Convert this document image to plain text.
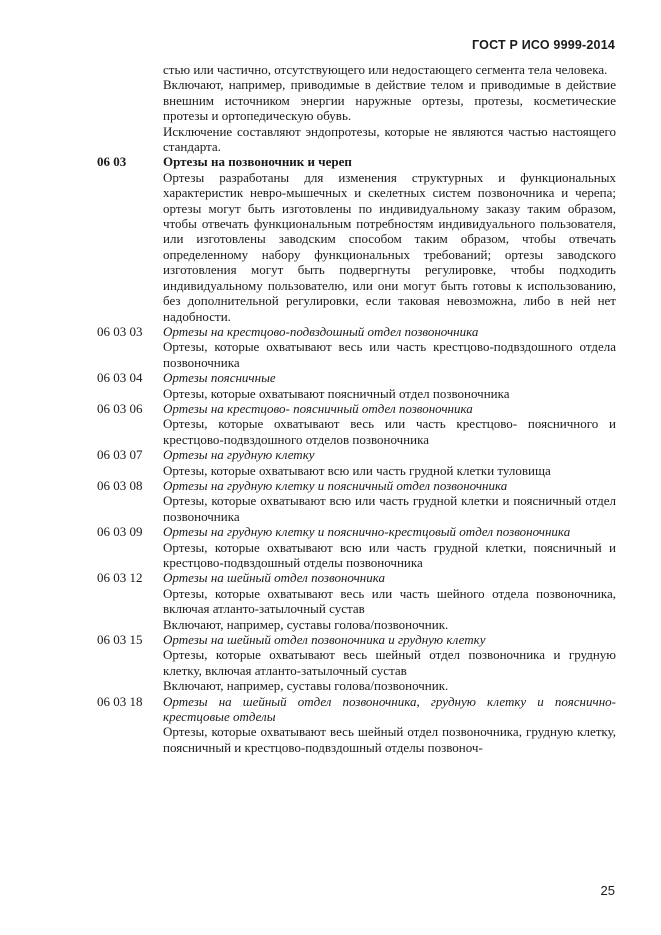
ГОСТ Р ИСО 9999-2014
стью или частично, отсутствующего или недостающего сегмента тела человека.
Включают, например, приводимые в действие телом и приводимые в действие внешним источником энергии наружные ортезы, протезы, косметические протезы и ортопедическую обувь.
Исключение составляют эндопротезы, которые не являются частью настоящего стандарта.
06 03	Ортезы на позвоночник и череп
Ортезы разработаны для изменения структурных и функциональных характеристик невро-мышечных и скелетных систем позвоночника и черепа; ортезы могут быть изготовлены по индивидуальному заказу таким образом, чтобы отвечать функциональным потребностям индивидуального пользователя, или изготовлены заводским способом таким образом, чтобы отвечать определенному набору функциональных требований; ортезы заводского изготовления могут быть подвергнуты регулировке, чтобы подходить индивидуальному пользователю, или они могут быть готовы к использованию, без дополнительной регулировки, если таковая невозможна, либо в ней нет надобности.
06 03 03	Ортезы на крестцово-подвздошный отдел позвоночника
Ортезы, которые охватывают весь или часть крестцово-подвздошного отдела позвоночника
06 03 04	Ортезы поясничные
Ортезы, которые охватывают поясничный отдел позвоночника
06 03 06	Ортезы на крестцово- поясничный отдел позвоночника
Ортезы, которые охватывают весь или часть крестцово- поясничного и крестцово-подвздошного отделов позвоночника
06 03 07	Ортезы на грудную клетку
Ортезы, которые охватывают всю или часть грудной клетки туловища
06 03 08	Ортезы на грудную клетку и поясничный отдел позвоночника
Ортезы, которые охватывают всю или часть грудной клетки и поясничный отдел позвоночника
06 03 09	Ортезы на грудную клетку и пояснично-крестцовый отдел позвоночника
Ортезы, которые охватывают всю или часть грудной клетки, поясничный и крестцово-подвздошный отделы позвоночника
06 03 12	Ортезы на шейный отдел позвоночника
Ортезы, которые охватывают весь или часть шейного отдела позвоночника, включая атланто-затылочный сустав
Включают, например, суставы голова/позвоночник.
06 03 15	Ортезы на шейный отдел позвоночника и грудную клетку
Ортезы, которые охватывают весь шейный отдел позвоночника и грудную клетку, включая атланто-затылочный сустав
Включают, например, суставы голова/позвоночник.
06 03 18	Ортезы на шейный отдел позвоночника, грудную клетку и пояснично-крестцовые отделы
Ортезы, которые охватывают весь шейный отдел позвоночника, грудную клетку, поясничный и крестцово-подвздошный отделы позвоноч-
25
